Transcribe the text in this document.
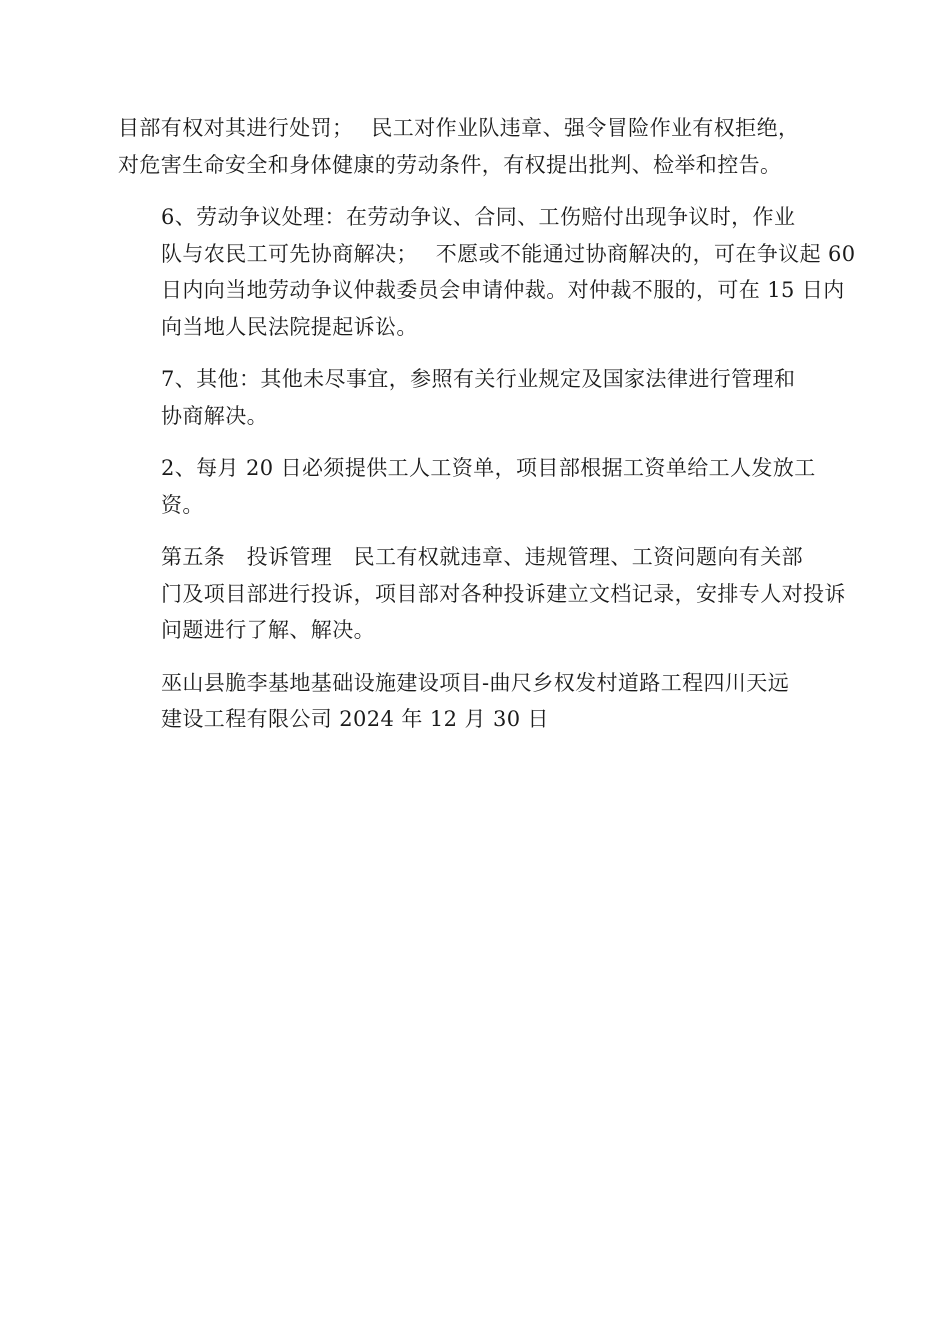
目部有权对其进行处罚；　 民工对作业队违章、强令冒险作业有权拒绝，
对危害生命安全和身体健康的劳动条件，有权提出批判、检举和控告。

6、劳动争议处理：在劳动争议、合同、工伤赔付出现争议时，作业
队与农民工可先协商解决；　 不愿或不能通过协商解决的，可在争议起 60
日内向当地劳动争议仲裁委员会申请仲裁。对仲裁不服的，可在 15 日内
向当地人民法院提起诉讼。

7、其他：其他未尽事宜，参照有关行业规定及国家法律进行管理和
协商解决。

2、每月 20 日必须提供工人工资单，项目部根据工资单给工人发放工
资。

第五条　投诉管理　民工有权就违章、违规管理、工资问题向有关部
门及项目部进行投诉，项目部对各种投诉建立文档记录，安排专人对投诉
问题进行了解、解决。

巫山县脆李基地基础设施建设项目-曲尺乡权发村道路工程四川天远
建设工程有限公司 2024 年 12 月 30 日
